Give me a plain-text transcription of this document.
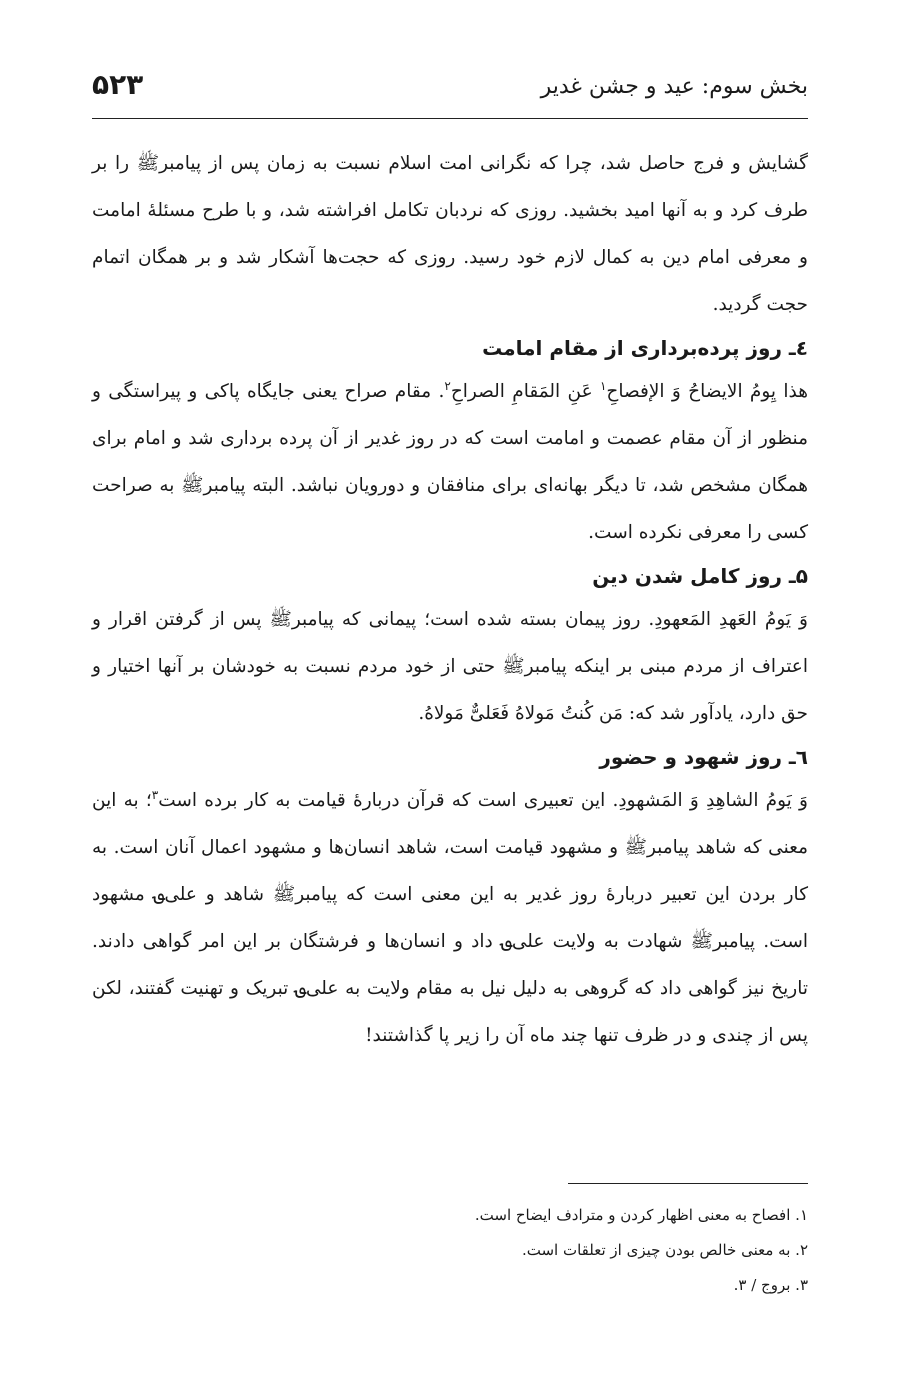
بخش سوم: عید و جشن غدیر
۵۲۳

گشایش و فرج حاصل شد، چرا که نگرانی امت اسلام نسبت به زمان پس از پیامبرﷺ را بر طرف کرد و به آنها امید بخشید. روزی که نردبان تکامل افراشته شد، و با طرح مسئلهٔ امامت و معرفی امام دین به کمال لازم خود رسید. روزی که حجت‌ها آشکار شد و بر همگان اتمام حجت گردید.

٤ـ روز پرده‌برداری از مقام امامت

هذا یِومُ الایضاحُ وَ الإفصاحِ$^۱$ عَنِ المَقامِ الصراحِ$^۲$. مقام صراح یعنی جایگاه پاکی و پیراستگی و منظور از آن مقام عصمت و امامت است که در روز غدیر از آن پرده برداری شد و امام برای همگان مشخص شد، تا دیگر بهانه‌ای برای منافقان و دورویان نباشد. البته پیامبرﷺ به صراحت کسی را معرفی نکرده است.

۵ـ روز کامل شدن دین

وَ یَومُ العَهدِ المَعهودِ. روز پیمان بسته شده است؛ پیمانی که پیامبرﷺ پس از گرفتن اقرار و اعتراف از مردم مبنی بر اینکه پیامبرﷺ حتی از خود مردم نسبت به خودشان بر آنها اختیار و حق دارد، یادآور شد که: مَن کُنتُ مَولاهُ فَعَلیٌّ مَولاهُ.

٦ـ روز شهود و حضور

وَ یَومُ الشاهِدِ وَ المَشهودِ. این تعبیری است که قرآن دربارهٔ قیامت به کار برده است$^۳$؛ به این معنی که شاهد پیامبرﷺ و مشهود قیامت است، شاهد انسان‌ها و مشهود اعمال آنان است. به کار بردن این تعبیر دربارهٔ روز غدیر به این معنی است که پیامبرﷺ شاهد و علی؈ مشهود است. پیامبرﷺ شهادت به ولایت علی؈ داد و انسان‌ها و فرشتگان بر این امر گواهی دادند. تاریخ نیز گواهی داد که گروهی به دلیل نیل به مقام ولایت به علی؈ تبریک و تهنیت گفتند، لکن پس از چندی و در ظرف تنها چند ماه آن را زیر پا گذاشتند!

۱. افصاح به معنی اظهار کردن و مترادف ایضاح است.
۲. به معنی خالص بودن چیزی از تعلقات است.
۳. بروج / ۳.
